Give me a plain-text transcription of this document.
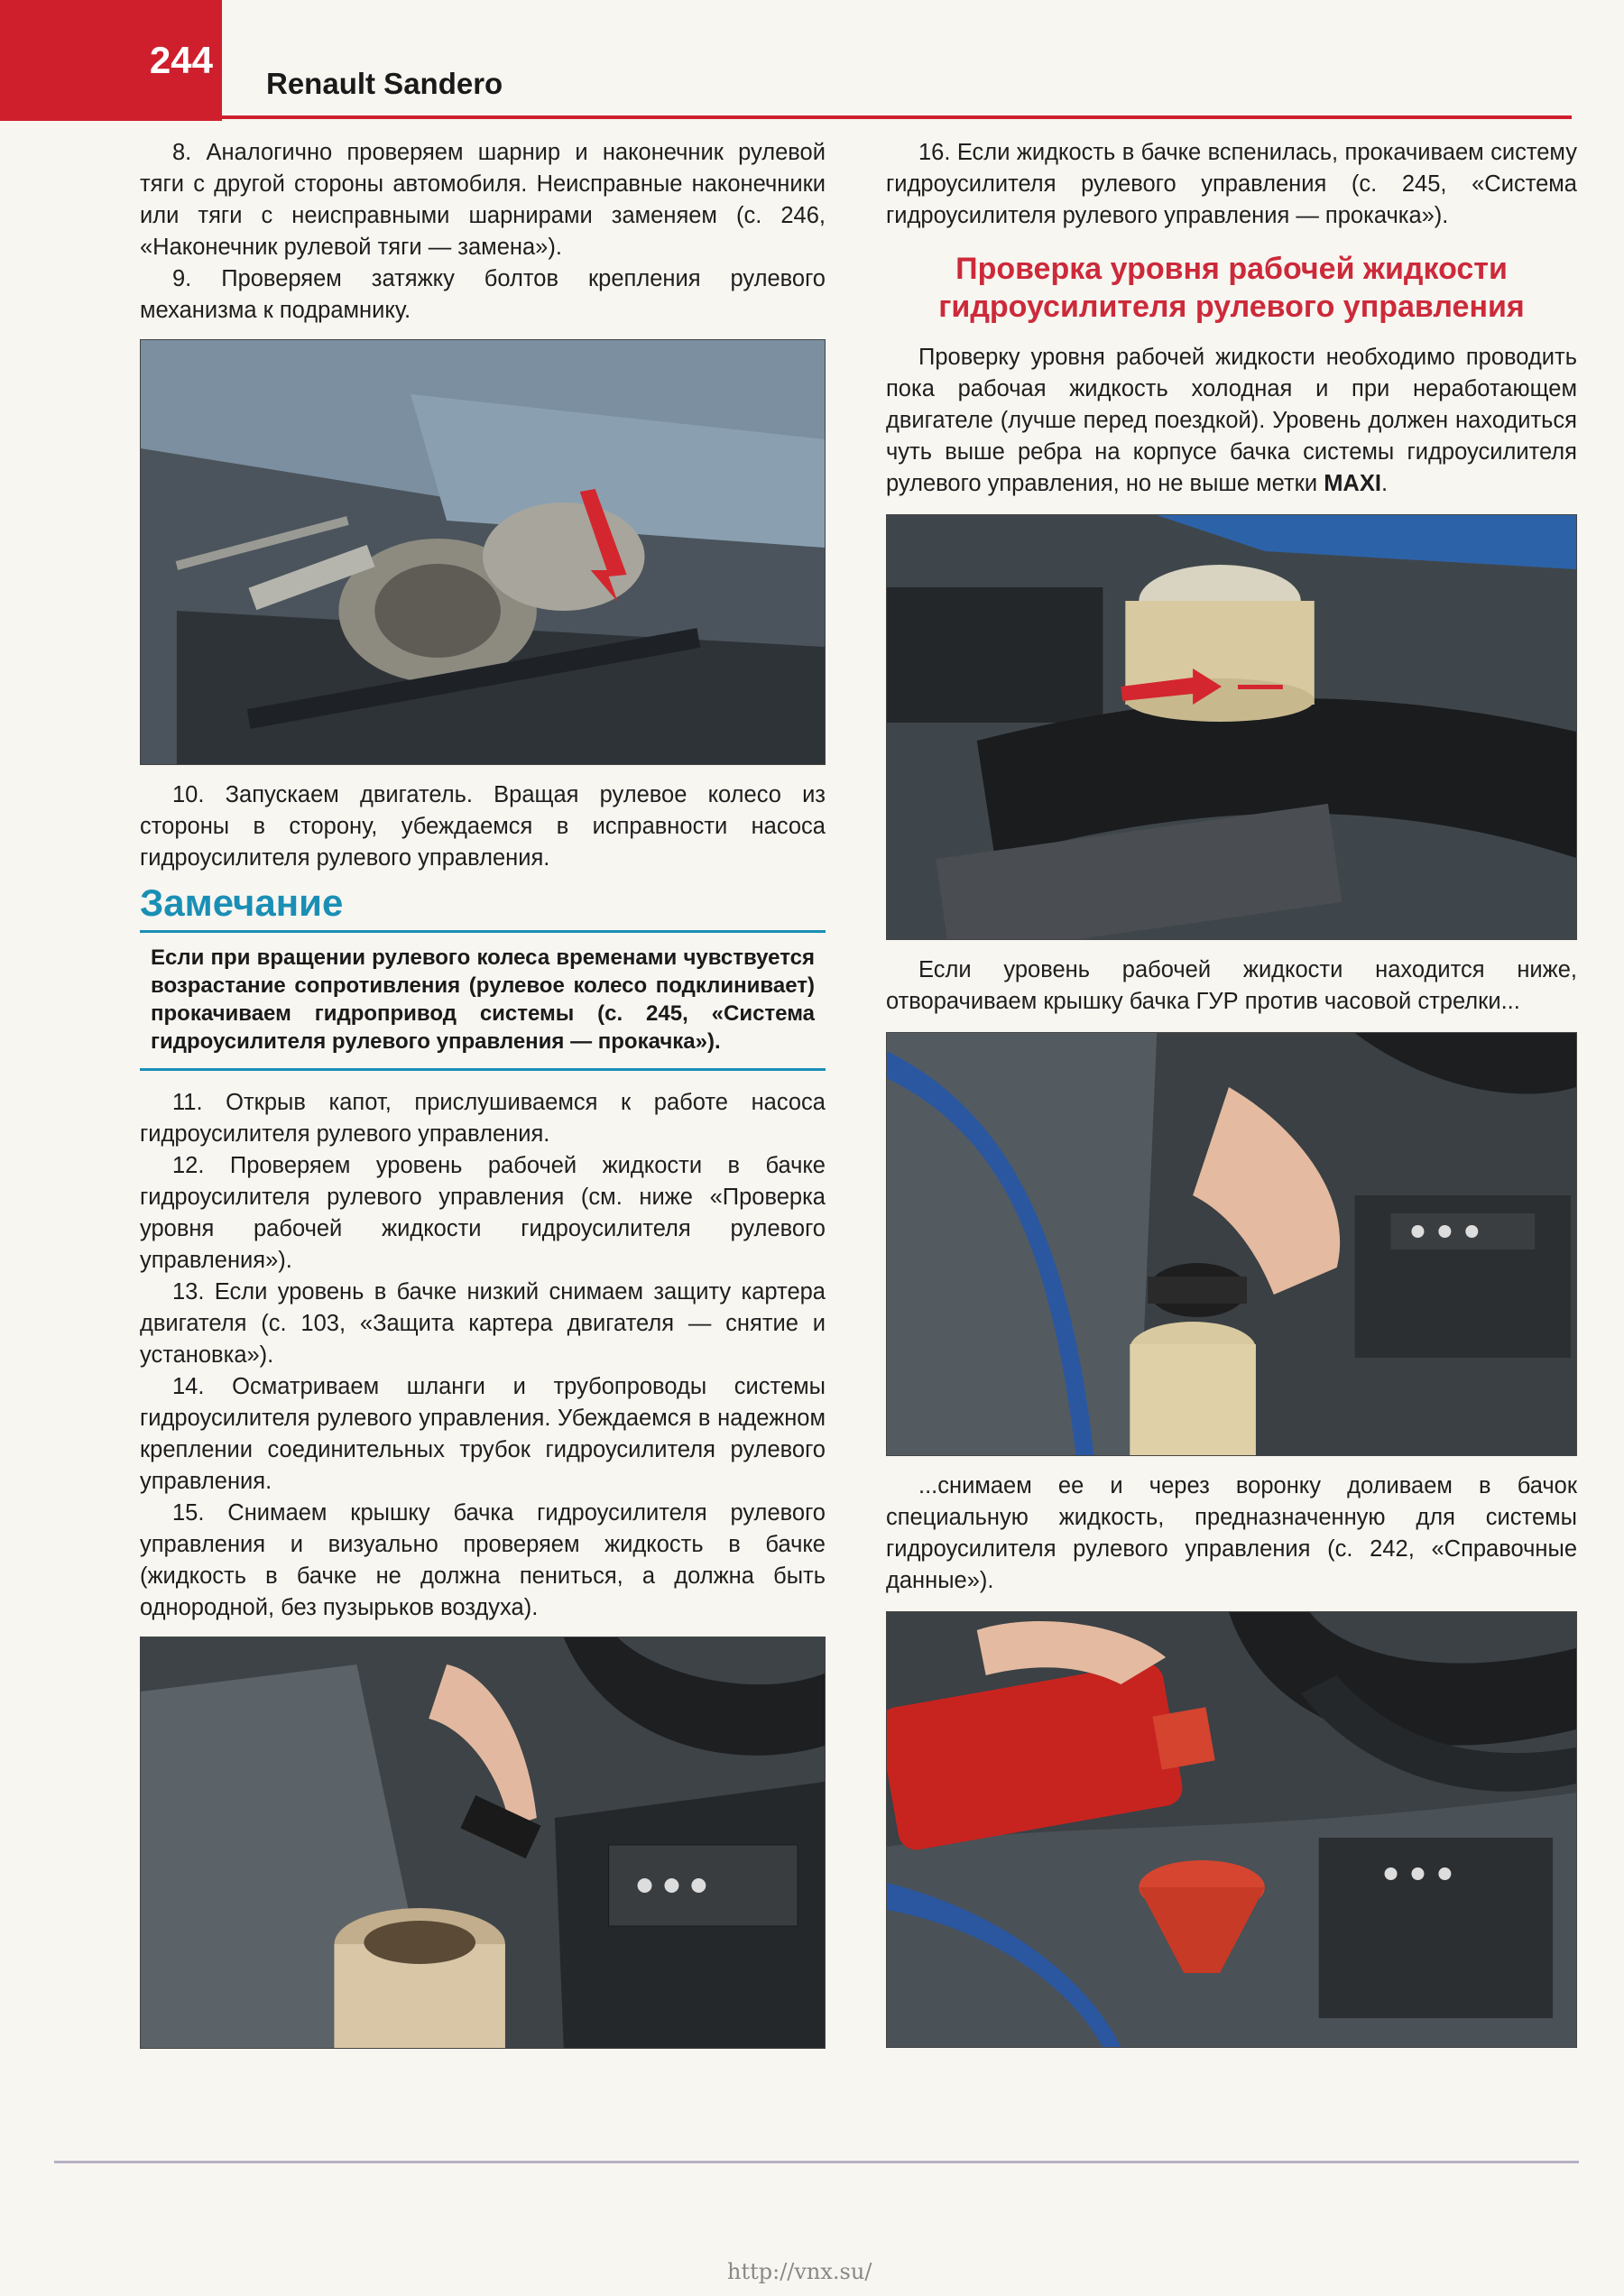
244
Renault Sandero

8. Аналогично проверяем шарнир и наконечник рулевой тяги с другой стороны автомобиля. Неисправные наконечники или тяги с неисправными шарнирами заменяем (с. 246, «Наконечник рулевой тяги — замена»).

9. Проверяем затяжку болтов крепления рулевого механизма к подрамнику.

10. Запускаем двигатель. Вращая рулевое колесо из стороны в сторону, убеждаемся в исправности насоса гидроусилителя рулевого управления.

Замечание
Если при вращении рулевого колеса временами чувствуется возрастание сопротивления (рулевое колесо подклинивает) прокачиваем гидропривод системы (с. 245, «Система гидроусилителя рулевого управления — прокачка»).

11. Открыв капот, прислушиваемся к работе насоса гидроусилителя рулевого управления.

12. Проверяем уровень рабочей жидкости в бачке гидроусилителя рулевого управления (см. ниже «Проверка уровня рабочей жидкости гидроусилителя рулевого управления»).

13. Если уровень в бачке низкий снимаем защиту картера двигателя (с. 103, «Защита картера двигателя — снятие и установка»).

14. Осматриваем шланги и трубопроводы системы гидроусилителя рулевого управления. Убеждаемся в надежном креплении соединительных трубок гидроусилителя рулевого управления.

15. Снимаем крышку бачка гидроусилителя рулевого управления и визуально проверяем жидкость в бачке (жидкость в бачке не должна пениться, а должна быть однородной, без пузырьков воздуха).

16. Если жидкость в бачке вспенилась, прокачиваем систему гидроусилителя рулевого управления (с. 245, «Система гидроусилителя рулевого управления — прокачка»).

Проверка уровня рабочей жидкости гидроусилителя рулевого управления

Проверку уровня рабочей жидкости необходимо проводить пока рабочая жидкость холодная и при неработающем двигателе (лучше перед поездкой). Уровень должен находиться чуть выше ребра на корпусе бачка системы гидроусилителя рулевого управления, но не выше метки MAXI.

Если уровень рабочей жидкости находится ниже, отворачиваем крышку бачка ГУР против часовой стрелки...

...снимаем ее и через воронку доливаем в бачок специальную жидкость, предназначенную для системы гидроусилителя рулевого управления (с. 242, «Справочные данные»).

http://vnx.su/
